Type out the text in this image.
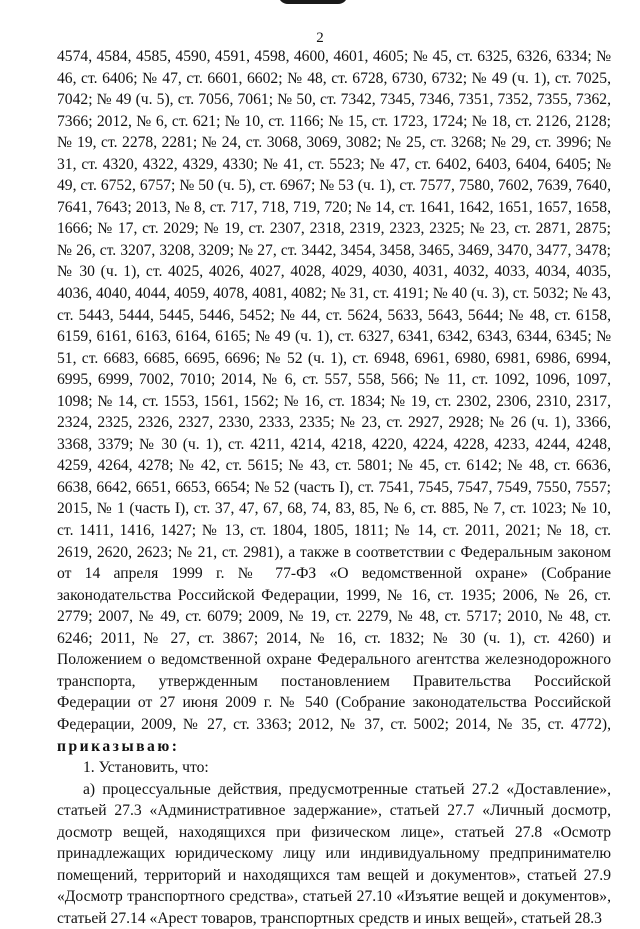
2

4574, 4584, 4585, 4590, 4591, 4598, 4600, 4601, 4605; № 45, ст. 6325, 6326, 6334; № 46, ст. 6406; № 47, ст. 6601, 6602; № 48, ст. 6728, 6730, 6732; № 49 (ч. 1), ст. 7025, 7042; № 49 (ч. 5), ст. 7056, 7061; № 50, ст. 7342, 7345, 7346, 7351, 7352, 7355, 7362, 7366; 2012, № 6, ст. 621; № 10, ст. 1166; № 15, ст. 1723, 1724; № 18, ст. 2126, 2128; № 19, ст. 2278, 2281; № 24, ст. 3068, 3069, 3082; № 25, ст. 3268; № 29, ст. 3996; № 31, ст. 4320, 4322, 4329, 4330; № 41, ст. 5523; № 47, ст. 6402, 6403, 6404, 6405; № 49, ст. 6752, 6757; № 50 (ч. 5), ст. 6967; № 53 (ч. 1), ст. 7577, 7580, 7602, 7639, 7640, 7641, 7643; 2013, № 8, ст. 717, 718, 719, 720; № 14, ст. 1641, 1642, 1651, 1657, 1658, 1666; № 17, ст. 2029; № 19, ст. 2307, 2318, 2319, 2323, 2325; № 23, ст. 2871, 2875; № 26, ст. 3207, 3208, 3209; № 27, ст. 3442, 3454, 3458, 3465, 3469, 3470, 3477, 3478; № 30 (ч. 1), ст. 4025, 4026, 4027, 4028, 4029, 4030, 4031, 4032, 4033, 4034, 4035, 4036, 4040, 4044, 4059, 4078, 4081, 4082; № 31, ст. 4191; № 40 (ч. 3), ст. 5032; № 43, ст. 5443, 5444, 5445, 5446, 5452; № 44, ст. 5624, 5633, 5643, 5644; № 48, ст. 6158, 6159, 6161, 6163, 6164, 6165; № 49 (ч. 1), ст. 6327, 6341, 6342, 6343, 6344, 6345; № 51, ст. 6683, 6685, 6695, 6696; № 52 (ч. 1), ст. 6948, 6961, 6980, 6981, 6986, 6994, 6995, 6999, 7002, 7010; 2014, № 6, ст. 557, 558, 566; № 11, ст. 1092, 1096, 1097, 1098; № 14, ст. 1553, 1561, 1562; № 16, ст. 1834; № 19, ст. 2302, 2306, 2310, 2317, 2324, 2325, 2326, 2327, 2330, 2333, 2335; № 23, ст. 2927, 2928; № 26 (ч. 1), 3366, 3368, 3379; № 30 (ч. 1), ст. 4211, 4214, 4218, 4220, 4224, 4228, 4233, 4244, 4248, 4259, 4264, 4278; № 42, ст. 5615; № 43, ст. 5801; № 45, ст. 6142; № 48, ст. 6636, 6638, 6642, 6651, 6653, 6654; № 52 (часть I), ст. 7541, 7545, 7547, 7549, 7550, 7557; 2015, № 1 (часть I), ст. 37, 47, 67, 68, 74, 83, 85, № 6, ст. 885, № 7, ст. 1023; № 10, ст. 1411, 1416, 1427; № 13, ст. 1804, 1805, 1811; № 14, ст. 2011, 2021; № 18, ст. 2619, 2620, 2623; № 21, ст. 2981), а также в соответствии с Федеральным законом от 14 апреля 1999 г. № 77-ФЗ «О ведомственной охране» (Собрание законодательства Российской Федерации, 1999, № 16, ст. 1935; 2006, № 26, ст. 2779; 2007, № 49, ст. 6079; 2009, № 19, ст. 2279, № 48, ст. 5717; 2010, № 48, ст. 6246; 2011, № 27, ст. 3867; 2014, № 16, ст. 1832; № 30 (ч. 1), ст. 4260) и Положением о ведомственной охране Федерального агентства железнодорожного транспорта, утвержденным постановлением Правительства Российской Федерации от 27 июня 2009 г. № 540 (Собрание законодательства Российской Федерации, 2009, № 27, ст. 3363; 2012, № 37, ст. 5002; 2014, № 35, ст. 4772), приказываю:

1. Установить, что:

а) процессуальные действия, предусмотренные статьей 27.2 «Доставление», статьей 27.3 «Административное задержание», статьей 27.7 «Личный досмотр, досмотр вещей, находящихся при физическом лице», статьей 27.8 «Осмотр принадлежащих юридическому лицу или индивидуальному предпринимателю помещений, территорий и находящихся там вещей и документов», статьей 27.9 «Досмотр транспортного средства», статьей 27.10 «Изъятие вещей и документов», статьей 27.14 «Арест товаров, транспортных средств и иных вещей», статьей 28.3
